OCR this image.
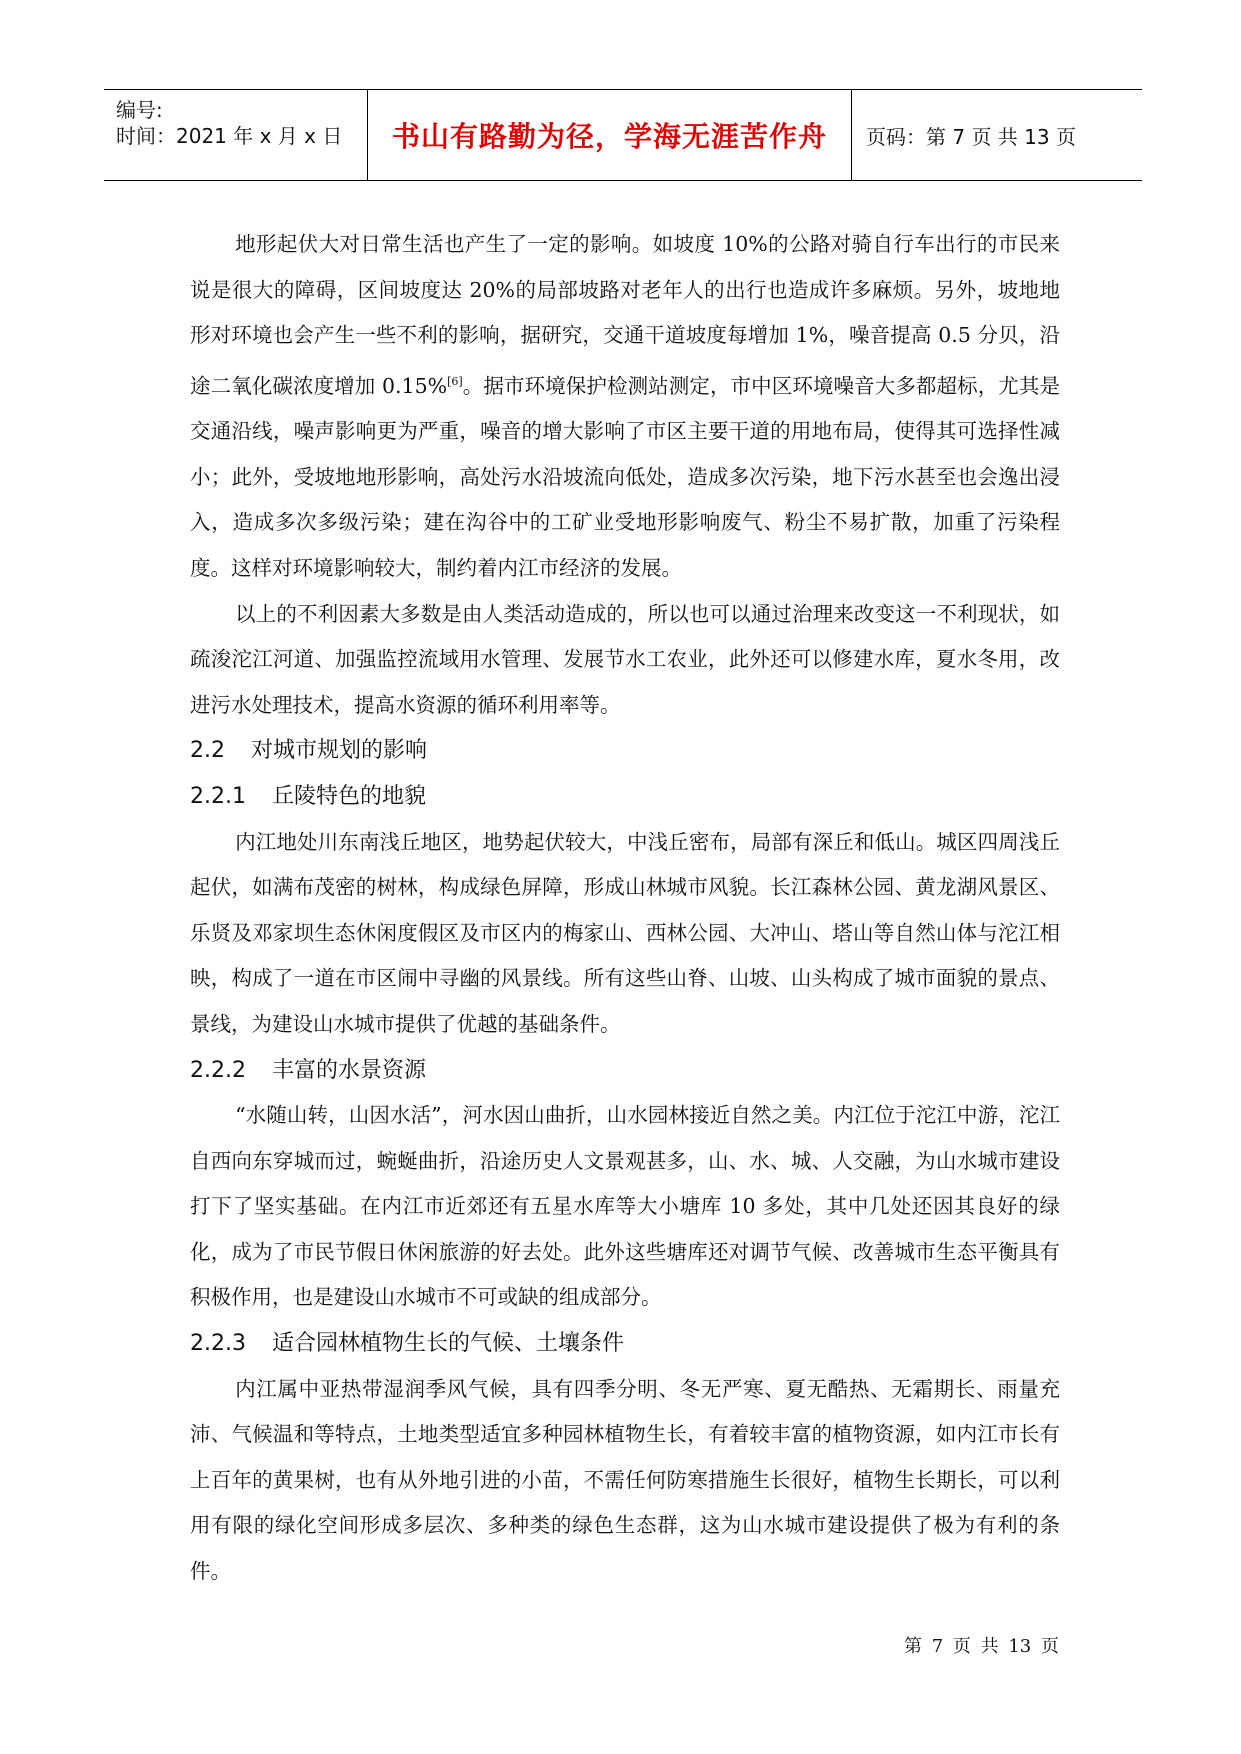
编号:
时间：2021 年 x 月 x 日	书山有路勤为径，学海无涯苦作舟	页码：第 7 页 共 13 页

地形起伏大对日常生活也产生了一定的影响。如坡度 10%的公路对骑自行车出行的市民来说是很大的障碍，区间坡度达 20%的局部坡路对老年人的出行也造成许多麻烦。另外，坡地地形对环境也会产生一些不利的影响，据研究，交通干道坡度每增加 1%，噪音提高 0.5 分贝，沿途二氧化碳浓度增加 0.15%[6]。据市环境保护检测站测定，市中区环境噪音大多都超标，尤其是交通沿线，噪声影响更为严重，噪音的增大影响了市区主要干道的用地布局，使得其可选择性减小；此外，受坡地地形影响，高处污水沿坡流向低处，造成多次污染，地下污水甚至也会逸出浸入，造成多次多级污染；建在沟谷中的工矿业受地形影响废气、粉尘不易扩散，加重了污染程度。这样对环境影响较大，制约着内江市经济的发展。

以上的不利因素大多数是由人类活动造成的，所以也可以通过治理来改变这一不利现状，如疏浚沱江河道、加强监控流域用水管理、发展节水工农业，此外还可以修建水库，夏水冬用，改进污水处理技术，提高水资源的循环利用率等。

2.2 对城市规划的影响
2.2.1 丘陵特色的地貌

内江地处川东南浅丘地区，地势起伏较大，中浅丘密布，局部有深丘和低山。城区四周浅丘起伏，如满布茂密的树林，构成绿色屏障，形成山林城市风貌。长江森林公园、黄龙湖风景区、乐贤及邓家坝生态休闲度假区及市区内的梅家山、西林公园、大冲山、塔山等自然山体与沱江相映，构成了一道在市区闹中寻幽的风景线。所有这些山脊、山坡、山头构成了城市面貌的景点、景线，为建设山水城市提供了优越的基础条件。

2.2.2 丰富的水景资源

“水随山转，山因水活”，河水因山曲折，山水园林接近自然之美。内江位于沱江中游，沱江自西向东穿城而过，蜿蜒曲折，沿途历史人文景观甚多，山、水、城、人交融，为山水城市建设打下了坚实基础。在内江市近郊还有五星水库等大小塘库 10 多处，其中几处还因其良好的绿化，成为了市民节假日休闲旅游的好去处。此外这些塘库还对调节气候、改善城市生态平衡具有积极作用，也是建设山水城市不可或缺的组成部分。

2.2.3 适合园林植物生长的气候、土壤条件

内江属中亚热带湿润季风气候，具有四季分明、冬无严寒、夏无酷热、无霜期长、雨量充沛、气候温和等特点，土地类型适宜多种园林植物生长，有着较丰富的植物资源，如内江市长有上百年的黄果树，也有从外地引进的小苗，不需任何防寒措施生长很好，植物生长期长，可以利用有限的绿化空间形成多层次、多种类的绿色生态群，这为山水城市建设提供了极为有利的条件。

第 7 页 共 13 页
